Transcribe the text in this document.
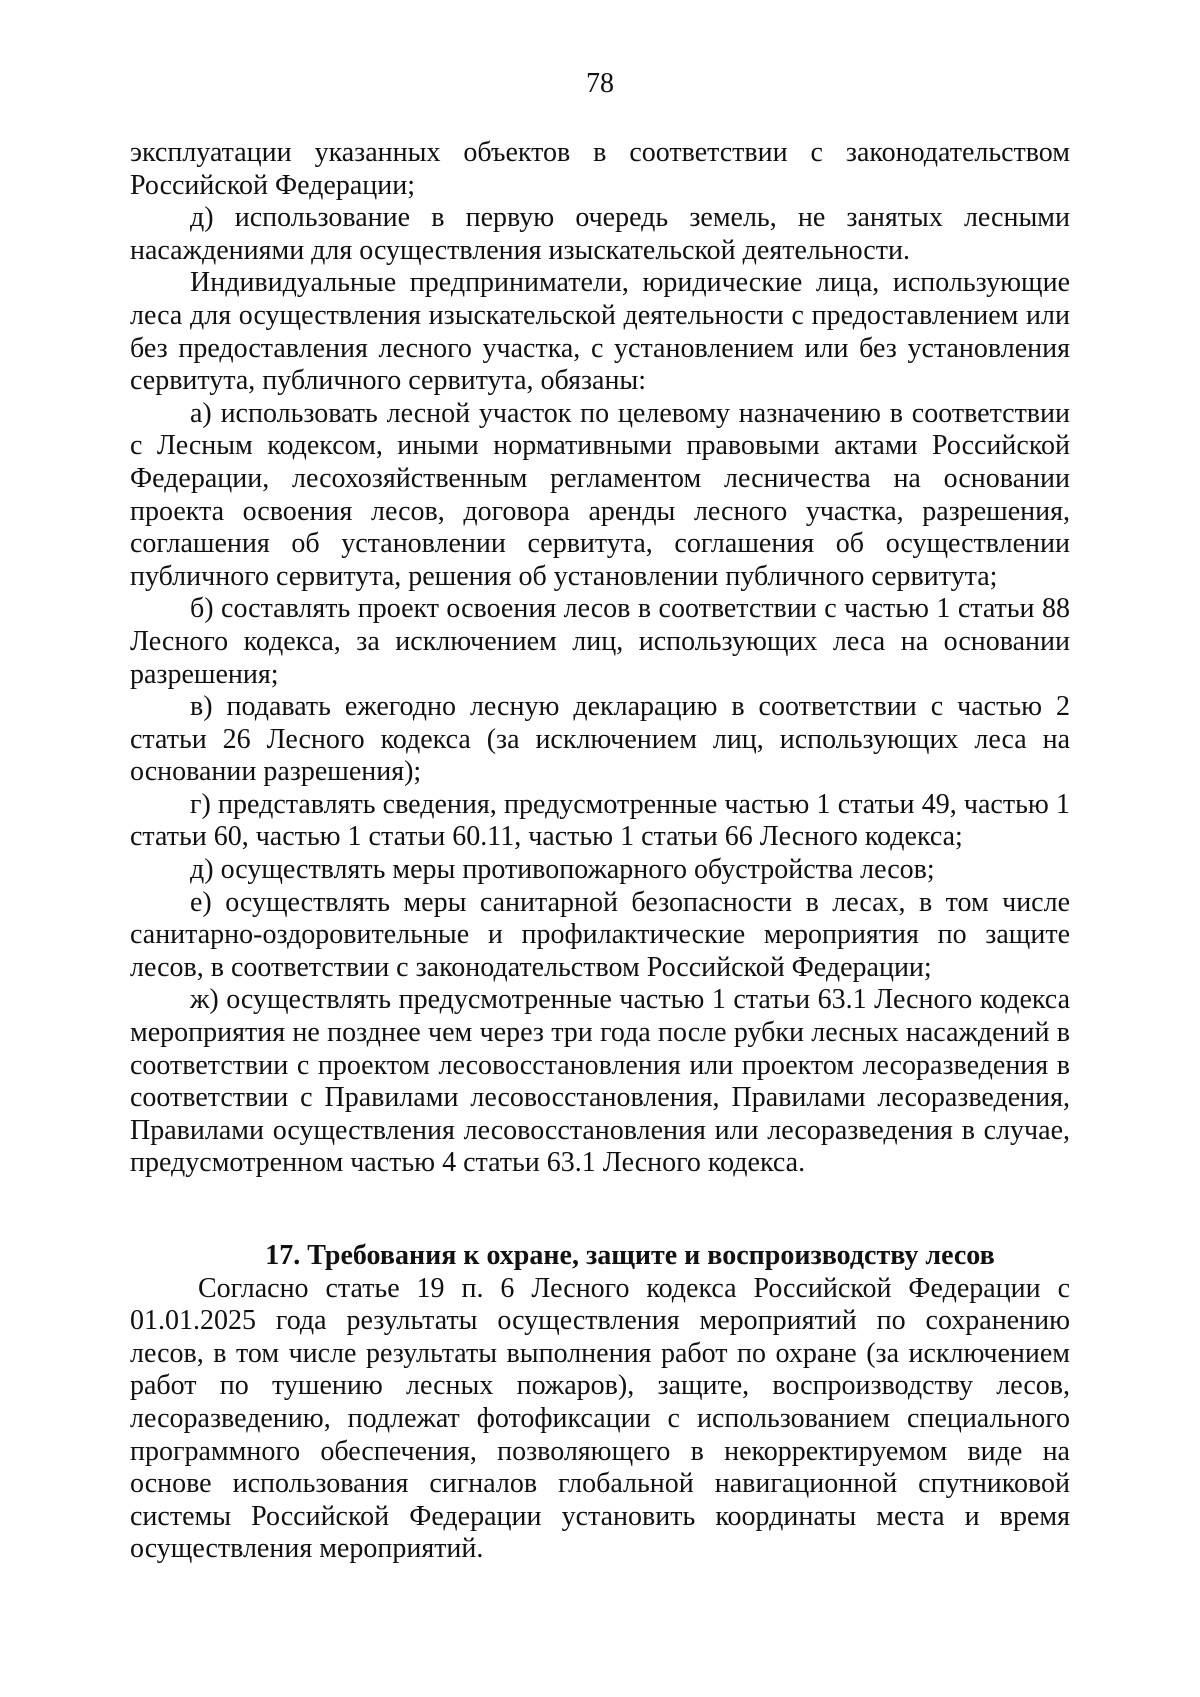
78

эксплуатации указанных объектов в соответствии с законодательством Российской Федерации;

д) использование в первую очередь земель, не занятых лесными насаждениями для осуществления изыскательской деятельности.

Индивидуальные предприниматели, юридические лица, использующие леса для осуществления изыскательской деятельности с предоставлением или без предоставления лесного участка, с установлением или без установления сервитута, публичного сервитута, обязаны:

а) использовать лесной участок по целевому назначению в соответствии с Лесным кодексом, иными нормативными правовыми актами Российской Федерации, лесохозяйственным регламентом лесничества на основании проекта освоения лесов, договора аренды лесного участка, разрешения, соглашения об установлении сервитута, соглашения об осуществлении публичного сервитута, решения об установлении публичного сервитута;

б) составлять проект освоения лесов в соответствии с частью 1 статьи 88 Лесного кодекса, за исключением лиц, использующих леса на основании разрешения;

в) подавать ежегодно лесную декларацию в соответствии с частью 2 статьи 26 Лесного кодекса (за исключением лиц, использующих леса на основании разрешения);

г) представлять сведения, предусмотренные частью 1 статьи 49, частью 1 статьи 60, частью 1 статьи 60.11, частью 1 статьи 66 Лесного кодекса;

д) осуществлять меры противопожарного обустройства лесов;

е) осуществлять меры санитарной безопасности в лесах, в том числе санитарно-оздоровительные и профилактические мероприятия по защите лесов, в соответствии с законодательством Российской Федерации;

ж) осуществлять предусмотренные частью 1 статьи 63.1 Лесного кодекса мероприятия не позднее чем через три года после рубки лесных насаждений в соответствии с проектом лесовосстановления или проектом лесоразведения в соответствии с Правилами лесовосстановления, Правилами лесоразведения, Правилами осуществления лесовосстановления или лесоразведения в случае, предусмотренном частью 4 статьи 63.1 Лесного кодекса.

17. Требования к охране, защите и воспроизводству лесов

Согласно статье 19 п. 6 Лесного кодекса Российской Федерации с 01.01.2025 года результаты осуществления мероприятий по сохранению лесов, в том числе результаты выполнения работ по охране (за исключением работ по тушению лесных пожаров), защите, воспроизводству лесов, лесоразведению, подлежат фотофиксации с использованием специального программного обеспечения, позволяющего в некорректируемом виде на основе использования сигналов глобальной навигационной спутниковой системы Российской Федерации установить координаты места и время осуществления мероприятий.
